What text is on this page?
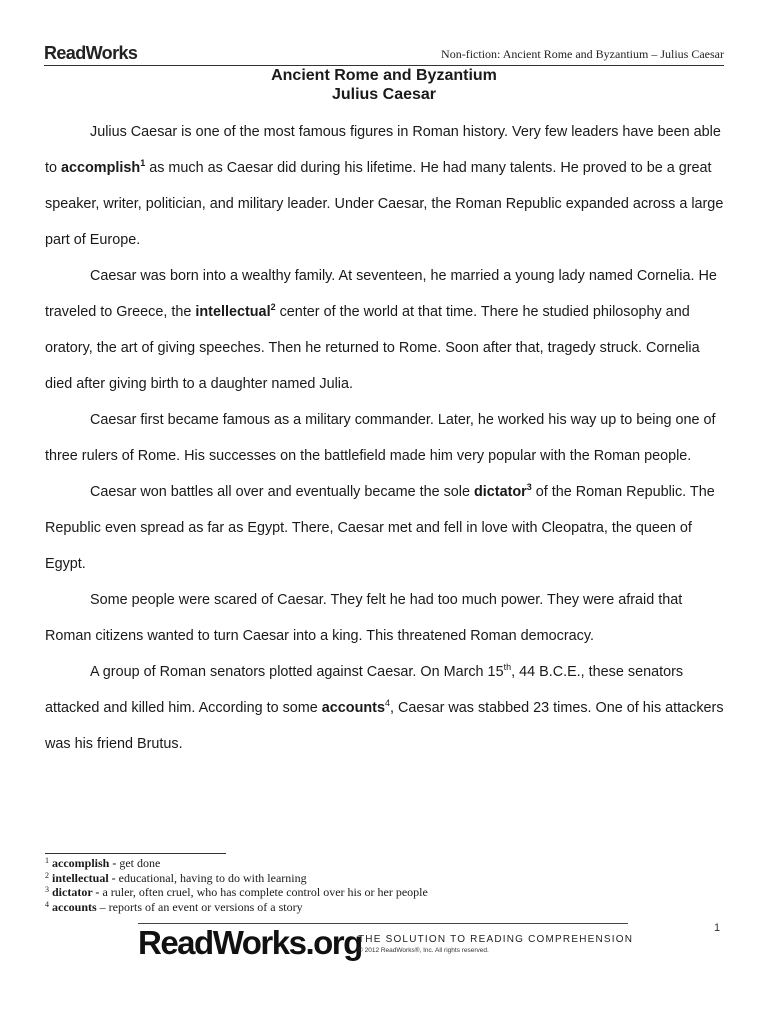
ReadWorks	Non-fiction: Ancient Rome and Byzantium – Julius Caesar
Ancient Rome and Byzantium
Julius Caesar

Julius Caesar is one of the most famous figures in Roman history. Very few leaders have been able to accomplish$^1$ as much as Caesar did during his lifetime. He had many talents. He proved to be a great speaker, writer, politician, and military leader. Under Caesar, the Roman Republic expanded across a large part of Europe.

Caesar was born into a wealthy family. At seventeen, he married a young lady named Cornelia. He traveled to Greece, the intellectual$^2$ center of the world at that time. There he studied philosophy and oratory, the art of giving speeches. Then he returned to Rome. Soon after that, tragedy struck. Cornelia died after giving birth to a daughter named Julia.

Caesar first became famous as a military commander. Later, he worked his way up to being one of three rulers of Rome. His successes on the battlefield made him very popular with the Roman people.

Caesar won battles all over and eventually became the sole dictator$^3$ of the Roman Republic. The Republic even spread as far as Egypt. There, Caesar met and fell in love with Cleopatra, the queen of Egypt.

Some people were scared of Caesar. They felt he had too much power. They were afraid that Roman citizens wanted to turn Caesar into a king. This threatened Roman democracy.

A group of Roman senators plotted against Caesar. On March 15th, 44 B.C.E., these senators attacked and killed him. According to some accounts$^4$, Caesar was stabbed 23 times. One of his attackers was his friend Brutus.

$^1$ accomplish - get done
$^2$ intellectual - educational, having to do with learning
$^3$ dictator - a ruler, often cruel, who has complete control over his or her people
$^4$ accounts – reports of an event or versions of a story
ReadWorks.org
THE SOLUTION TO READING COMPREHENSION
© 2012 ReadWorks®, Inc. All rights reserved.
1
